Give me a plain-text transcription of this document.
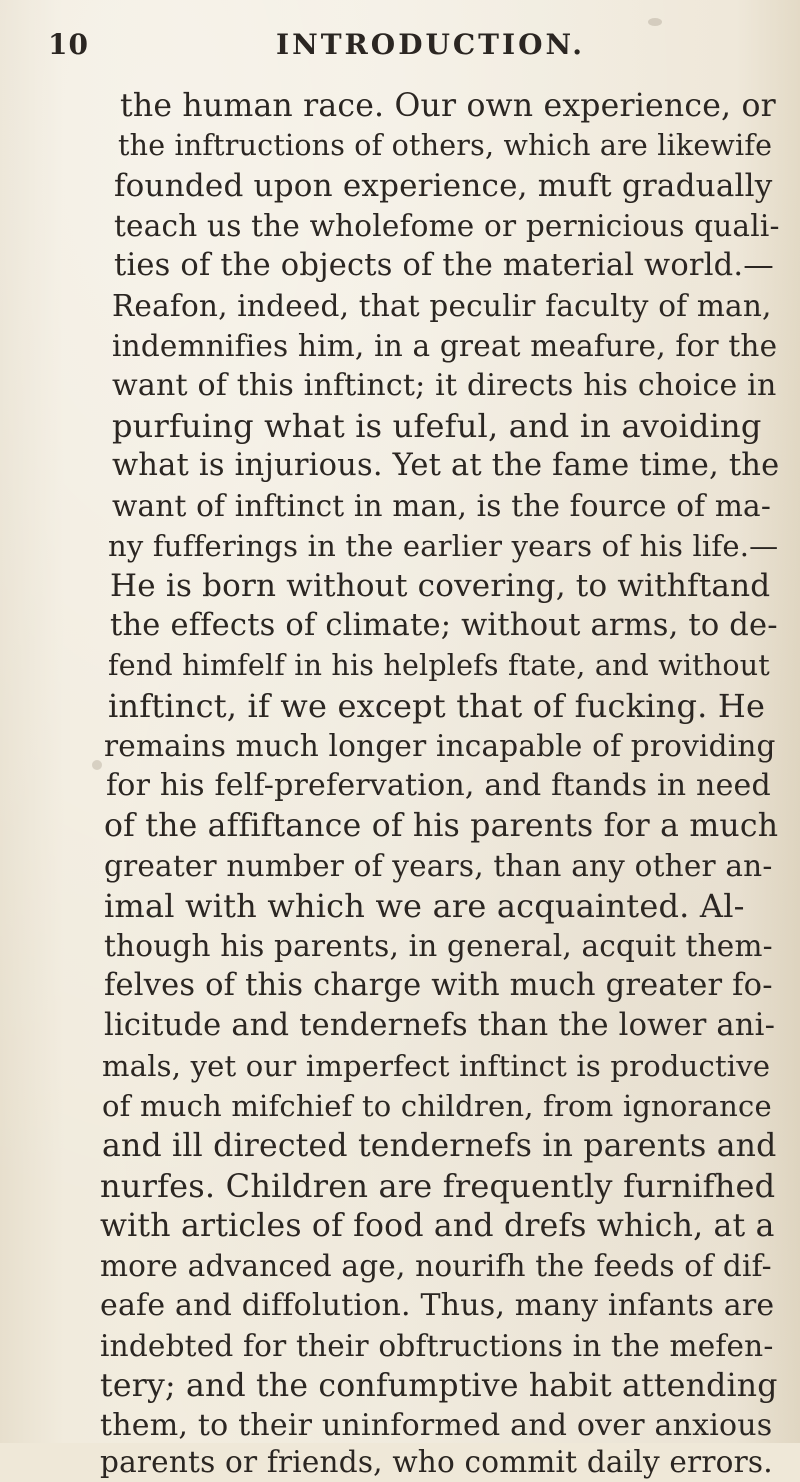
10	INTRODUCTION.
the human race. Our own experience, or
the inftructions of others, which are likewife
founded upon experience, muft gradually
teach us the wholefome or pernicious quali-
ties of the objects of the material world.—
Reafon, indeed, that peculir faculty of man,
indemnifies him, in a great meafure, for the
want of this inftinct; it directs his choice in
purfuing what is ufeful, and in avoiding
what is injurious. Yet at the fame time, the
want of inftinct in man, is the fource of ma-
ny fufferings in the earlier years of his life.—
He is born without covering, to withftand
the effects of climate; without arms, to de-
fend himfelf in his helplefs ftate, and without
inftinct, if we except that of fucking. He
remains much longer incapable of providing
for his felf-prefervation, and ftands in need
of the affiftance of his parents for a much
greater number of years, than any other an-
imal with which we are acquainted. Al-
though his parents, in general, acquit them-
felves of this charge with much greater fo-
licitude and tendernefs than the lower ani-
mals, yet our imperfect inftinct is productive
of much mifchief to children, from ignorance
and ill directed tendernefs in parents and
nurfes. Children are frequently furnifhed
with articles of food and drefs which, at a
more advanced age, nourifh the feeds of dif-
eafe and diffolution. Thus, many infants are
indebted for their obftructions in the mefen-
tery; and the confumptive habit attending
them, to their uninformed and over anxious
parents or friends, who commit daily errors.
